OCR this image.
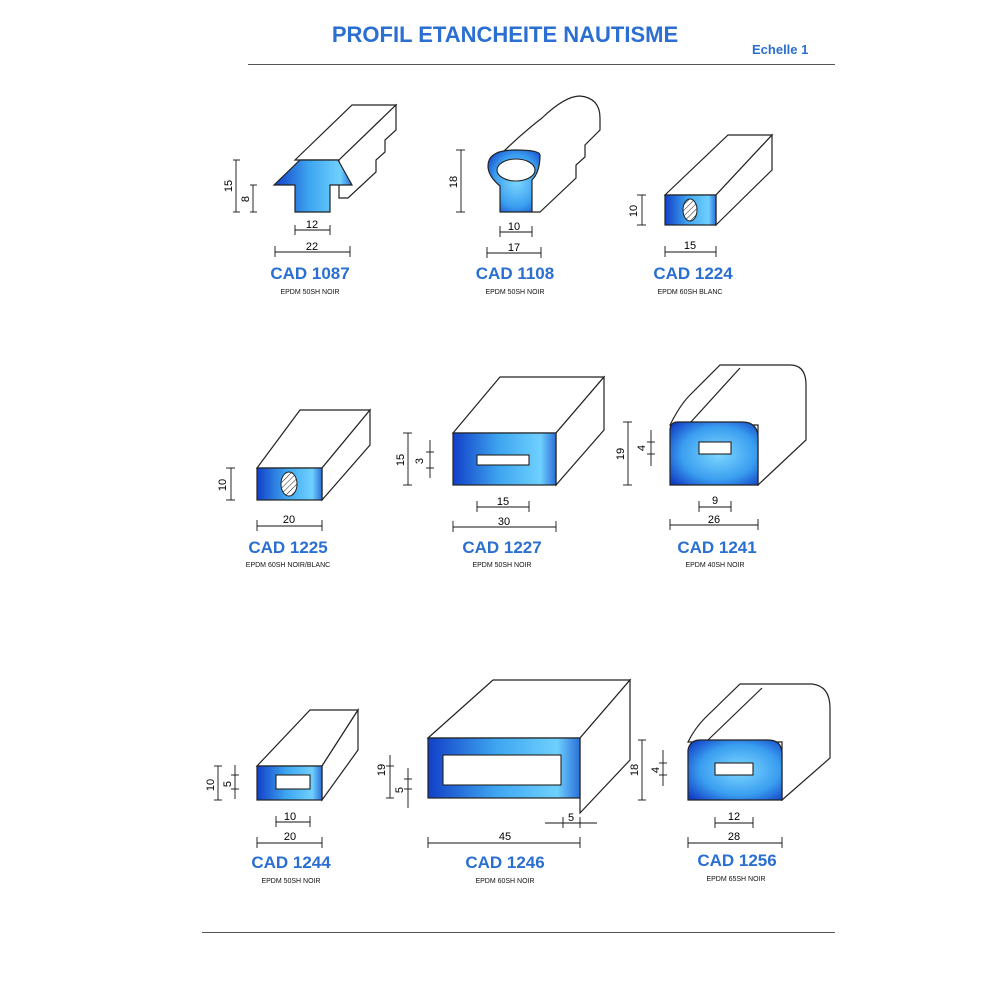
PROFIL ETANCHEITE NAUTISME
Echelle 1
15
8
12
22
CAD 1087
EPDM 50SH NOIR
18
10
17
CAD 1108
EPDM 50SH NOIR
10
15
CAD 1224
EPDM 60SH BLANC
10
20
CAD 1225
EPDM 60SH NOIR/BLANC
15 3
15
30
CAD 1227
EPDM 50SH NOIR
19 4
9
26
CAD 1241
EPDM 40SH NOIR
10 5
10
20
CAD 1244
EPDM 50SH NOIR
19
5
45
5
CAD 1246
EPDM 60SH NOIR
18 4
12
28
CAD 1256
EPDM 65SH NOIR
